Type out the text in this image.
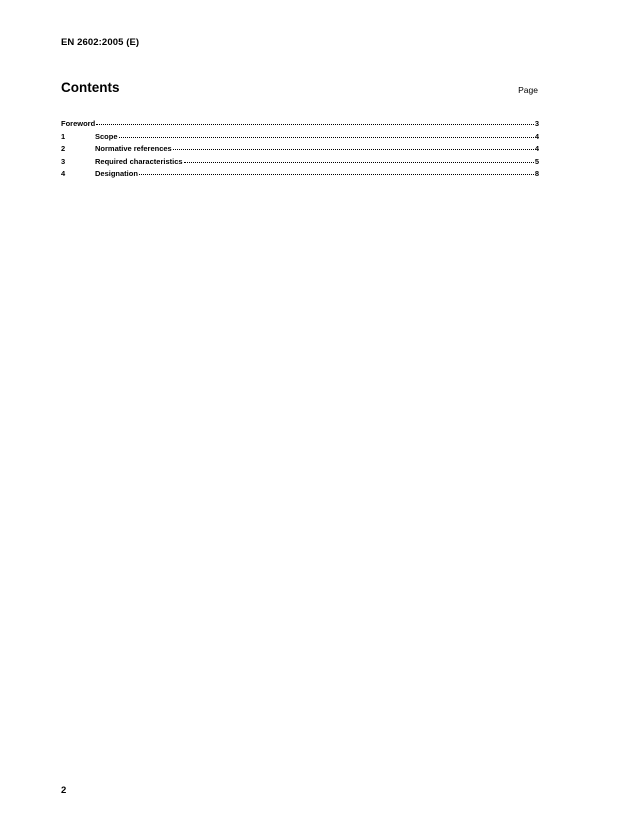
EN 2602:2005 (E)
Contents	Page
Foreword	3
1	Scope	4
2	Normative references	4
3	Required characteristics	5
4	Designation	8
2
